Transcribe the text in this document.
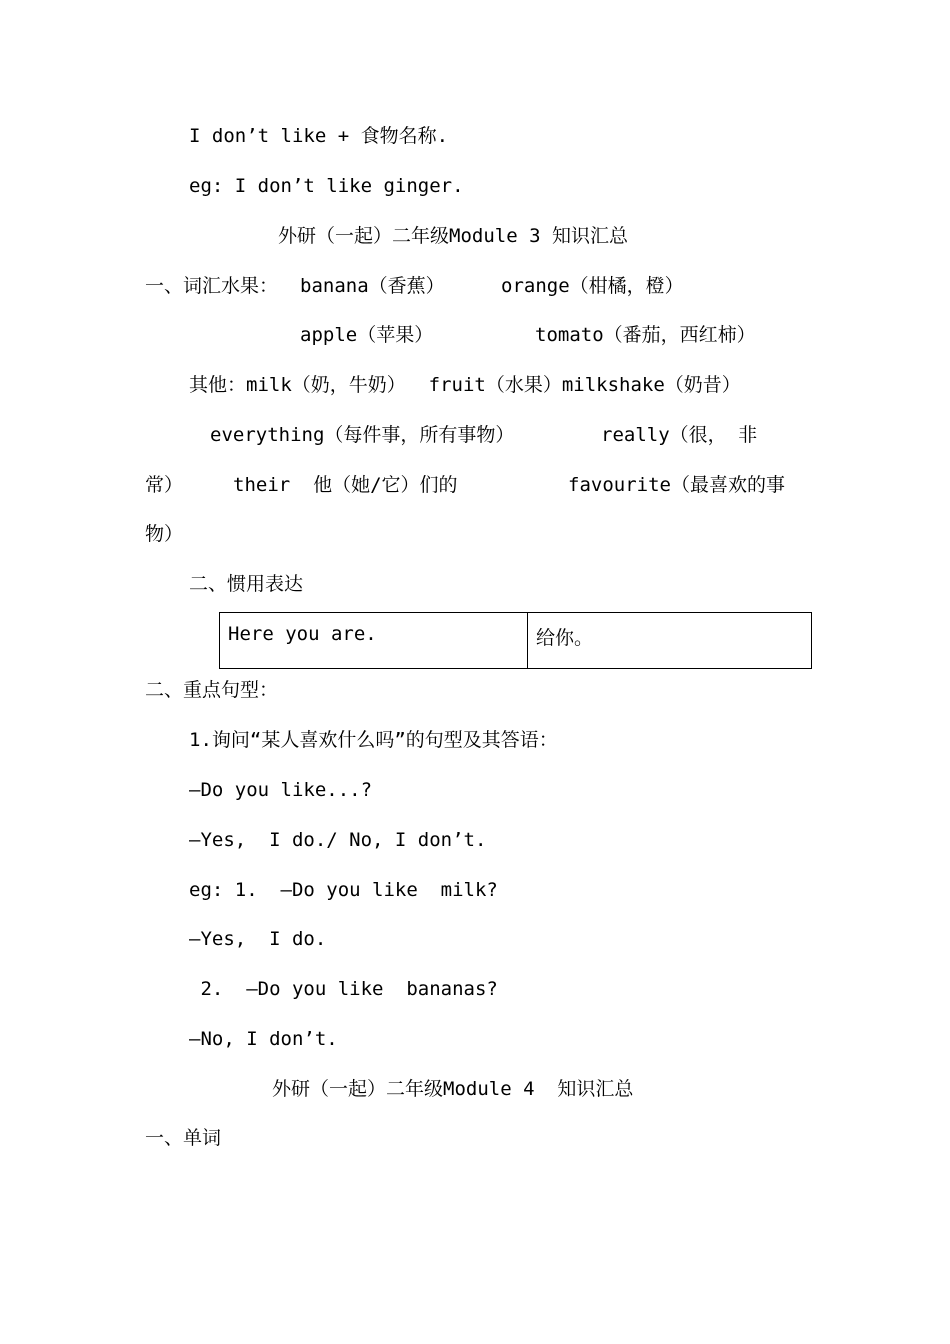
I don’t like + 食物名称.
eg: I don’t like ginger.
外研（一起）二年级Module 3 知识汇总
一、词汇水果： banana（香蕉）	orange（柑橘，橙）
apple（苹果）	tomato（番茄，西红柿）
其他：milk（奶，牛奶）  fruit（水果）milkshake（奶昔）
everything（每件事，所有事物）	really（很， 非
常）	their  他（她/它）们的	favourite（最喜欢的事
物）
二、惯用表达
Here you are.	给你。
二、重点句型：
1.询问“某人喜欢什么吗”的句型及其答语：
—Do you like...?
—Yes,  I do./ No, I don’t.
eg: 1.  —Do you like  milk?
—Yes,  I do.
2.  —Do you like  bananas?
—No, I don’t.
外研（一起）二年级Module 4  知识汇总
一、单词
